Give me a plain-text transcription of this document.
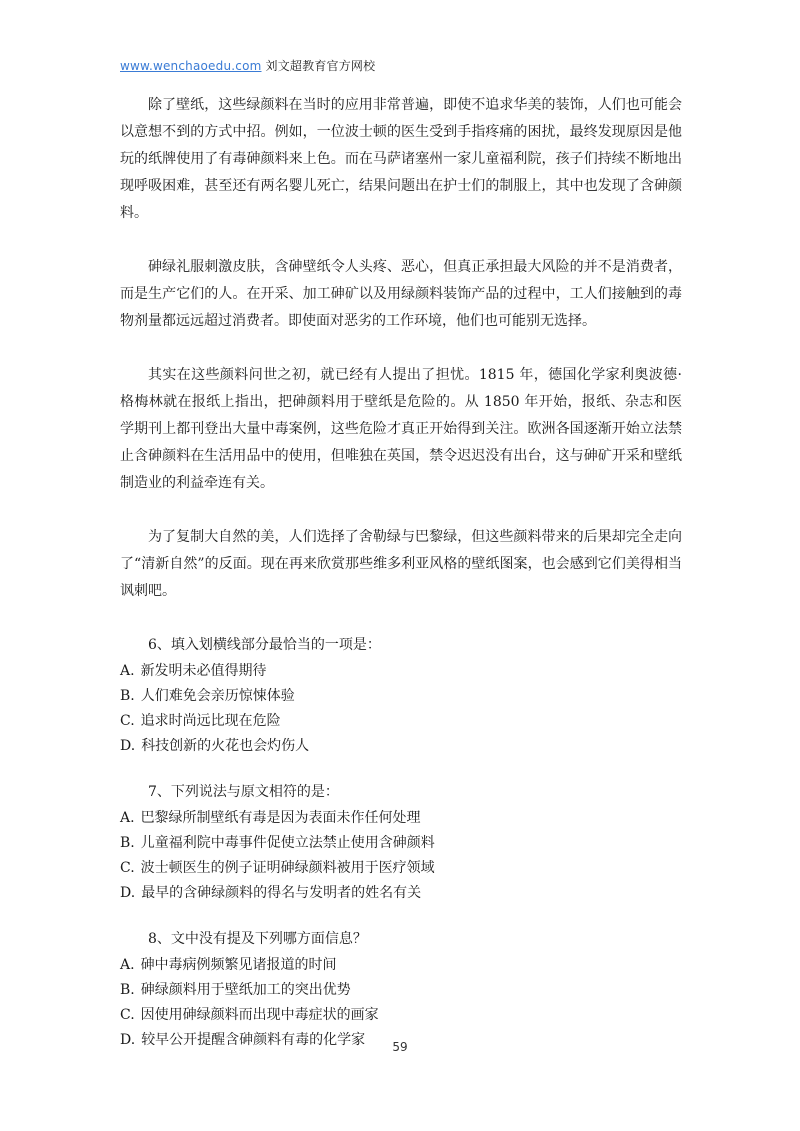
www.wenchaoedu.com 刘文超教育官方网校

除了壁纸，这些绿颜料在当时的应用非常普遍，即使不追求华美的装饰，人们也可能会以意想不到的方式中招。例如，一位波士顿的医生受到手指疼痛的困扰，最终发现原因是他玩的纸牌使用了有毒砷颜料来上色。而在马萨诸塞州一家儿童福利院，孩子们持续不断地出现呼吸困难，甚至还有两名婴儿死亡，结果问题出在护士们的制服上，其中也发现了含砷颜料。

砷绿礼服刺激皮肤，含砷壁纸令人头疼、恶心，但真正承担最大风险的并不是消费者，而是生产它们的人。在开采、加工砷矿以及用绿颜料装饰产品的过程中，工人们接触到的毒物剂量都远远超过消费者。即使面对恶劣的工作环境，他们也可能别无选择。

其实在这些颜料问世之初，就已经有人提出了担忧。1815 年，德国化学家利奥波德·格梅林就在报纸上指出，把砷颜料用于壁纸是危险的。从 1850 年开始，报纸、杂志和医学期刊上都刊登出大量中毒案例，这些危险才真正开始得到关注。欧洲各国逐渐开始立法禁止含砷颜料在生活用品中的使用，但唯独在英国，禁令迟迟没有出台，这与砷矿开采和壁纸制造业的利益牵连有关。

为了复制大自然的美，人们选择了舍勒绿与巴黎绿，但这些颜料带来的后果却完全走向了“清新自然”的反面。现在再来欣赏那些维多利亚风格的壁纸图案，也会感到它们美得相当讽刺吧。

6、填入划横线部分最恰当的一项是：

A. 新发明未必值得期待

B. 人们难免会亲历惊悚体验

C. 追求时尚远比现在危险

D. 科技创新的火花也会灼伤人

7、下列说法与原文相符的是：

A. 巴黎绿所制壁纸有毒是因为表面未作任何处理

B. 儿童福利院中毒事件促使立法禁止使用含砷颜料

C. 波士顿医生的例子证明砷绿颜料被用于医疗领域

D. 最早的含砷绿颜料的得名与发明者的姓名有关

8、文中没有提及下列哪方面信息？

A. 砷中毒病例频繁见诸报道的时间

B. 砷绿颜料用于壁纸加工的突出优势

C. 因使用砷绿颜料而出现中毒症状的画家

D. 较早公开提醒含砷颜料有毒的化学家	59
